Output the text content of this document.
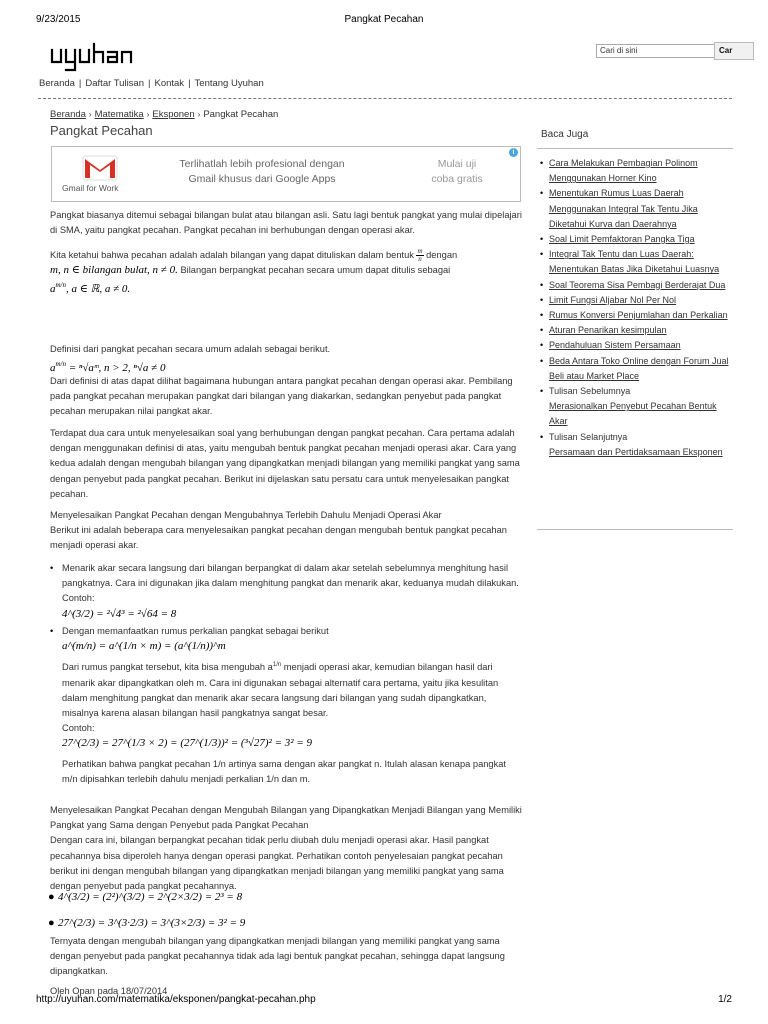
9/23/2015	Pangkat Pecahan
Cari di sini	Car
Beranda | Daftar Tulisan | Kontak | Tentang Uyuhan
Beranda › Matematika › Eksponen › Pangkat Pecahan
Pangkat Pecahan
Gmail for Work
Terlihatlah lebih profesional dengan
Gmail khusus dari Google Apps
Mulai uji
coba gratis
i

Pangkat biasanya ditemui sebagai bilangan bulat atau bilangan asli. Satu lagi bentuk pangkat yang mulai dipelajari di SMA, yaitu pangkat pecahan. Pangkat pecahan ini berhubungan dengan operasi akar.

Kita ketahui bahwa pecahan adalah adalah bilangan yang dapat dituliskan dalam bentuk $\frac{m}{n}$ dengan
m, n ∈ bilangan bulat, n ≠ 0. Bilangan berpangkat pecahan secara umum dapat ditulis sebagai
$a^{m/n}$, a ∈ ℝ, a ≠ 0.
Definisi dari pangkat pecahan secara umum adalah sebagai berikut.
$a^{m/n}$ = ⁿ√aᵐ, n > 2, ⁿ√a ≠ 0

Dari definisi di atas dapat dilihat bagaimana hubungan antara pangkat pecahan dengan operasi akar. Pembilang pada pangkat pecahan merupakan pangkat dari bilangan yang diakarkan, sedangkan penyebut pada pangkat pecahan merupakan nilai pangkat akar.

Terdapat dua cara untuk menyelesaikan soal yang berhubungan dengan pangkat pecahan. Cara pertama adalah dengan menggunakan definisi di atas, yaitu mengubah bentuk pangkat pecahan menjadi operasi akar. Cara yang kedua adalah dengan mengubah bilangan yang dipangkatkan menjadi bilangan yang memiliki pangkat yang sama dengan penyebut pada pangkat pecahan. Berikut ini dijelaskan satu persatu cara untuk menyelesaikan pangkat pecahan.

Menyelesaikan Pangkat Pecahan dengan Mengubahnya Terlebih Dahulu Menjadi Operasi Akar
Berikut ini adalah beberapa cara menyelesaikan pangkat pecahan dengan mengubah bentuk pangkat pecahan menjadi operasi akar.
• Menarik akar secara langsung dari bilangan berpangkat di dalam akar setelah sebelumnya menghitung hasil pangkatnya. Cara ini digunakan jika dalam menghitung pangkat dan menarik akar, keduanya mudah dilakukan.
Contoh:
4^(3/2) = ²√4³ = ²√64 = 8
• Dengan memanfaatkan rumus perkalian pangkat sebagai berikut
a^(m/n) = a^(1/n × m) = (a^(1/n))^m
Dari rumus pangkat tersebut, kita bisa mengubah $a^{1/n}$ menjadi operasi akar, kemudian bilangan hasil dari menarik akar dipangkatkan oleh m. Cara ini digunakan sebagai alternatif cara pertama, yaitu jika kesulitan dalam menghitung pangkat dan menarik akar secara langsung dari bilangan yang sudah dipangkatkan, misalnya karena alasan bilangan hasil pangkatnya sangat besar.
Contoh:
27^(2/3) = 27^(1/3 × 2) = (27^(1/3))² = (³√27)² = 3² = 9
Perhatikan bahwa pangkat pecahan 1/n artinya sama dengan akar pangkat n. Itulah alasan kenapa pangkat m/n dipisahkan terlebih dahulu menjadi perkalian 1/n dan m.
Menyelesaikan Pangkat Pecahan dengan Mengubah Bilangan yang Dipangkatkan Menjadi Bilangan yang Memiliki Pangkat yang Sama dengan Penyebut pada Pangkat Pecahan
Dengan cara ini, bilangan berpangkat pecahan tidak perlu diubah dulu menjadi operasi akar. Hasil pangkat pecahannya bisa diperoleh hanya dengan operasi pangkat. Perhatikan contoh penyelesaian pangkat pecahan berikut ini dengan mengubah bilangan yang dipangkatkan menjadi bilangan yang memiliki pangkat yang sama dengan penyebut pada pangkat pecahannya.
● 4^(3/2) = (2²)^(3/2) = 2^(2×3/2) = 2³ = 8
● 27^(2/3) = 3^(3·2/3) = 3^(3×2/3) = 3² = 9

Ternyata dengan mengubah bilangan yang dipangkatkan menjadi bilangan yang memiliki pangkat yang sama dengan penyebut pada pangkat pecahannya tidak ada lagi bentuk pangkat pecahan, sehingga dapat langsung dipangkatkan.

Oleh Opan pada 18/07/2014

Baca Juga
• Cara Melakukan Pembagian Polinom Menggunakan Horner Kino
• Menentukan Rumus Luas Daerah Menggunakan Integral Tak Tentu Jika Diketahui Kurva dan Daerahnya
• Soal Limit Pemfaktoran Pangka Tiga
• Integral Tak Tentu dan Luas Daerah: Menentukan Batas Jika Diketahui Luasnya
• Soal Teorema Sisa Pembagi Berderajat Dua
• Limit Fungsi Aljabar Nol Per Nol
• Rumus Konversi Penjumlahan dan Perkalian
• Aturan Penarikan kesimpulan
• Pendahuluan Sistem Persamaan
• Beda Antara Toko Online dengan Forum Jual Beli atau Market Place
• Tulisan Sebelumnya
Merasionalkan Penyebut Pecahan Bentuk Akar
• Tulisan Selanjutnya
Persamaan dan Pertidaksamaan Eksponen
http://uyuhan.com/matematika/eksponen/pangkat-pecahan.php	1/2
